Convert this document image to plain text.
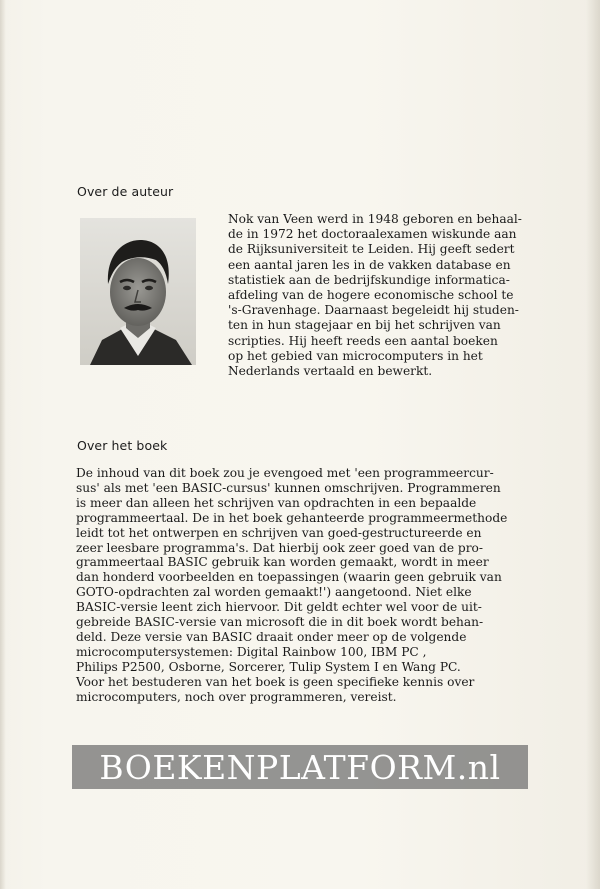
Over de auteur
Nok van Veen werd in 1948 geboren en behaal-
de in 1972 het doctoraalexamen wiskunde aan
de Rijksuniversiteit te Leiden. Hij geeft sedert
een aantal jaren les in de vakken database en
statistiek aan de bedrijfskundige informatica-
afdeling van de hogere economische school te
's-Gravenhage. Daarnaast begeleidt hij studen-
ten in hun stagejaar en bij het schrijven van
scripties. Hij heeft reeds een aantal boeken
op het gebied van microcomputers in het
Nederlands vertaald en bewerkt.
Over het boek
De inhoud van dit boek zou je evengoed met 'een programmeercur-
sus' als met 'een BASIC-cursus' kunnen omschrijven. Programmeren
is meer dan alleen het schrijven van opdrachten in een bepaalde
programmeertaal. De in het boek gehanteerde programmeermethode
leidt tot het ontwerpen en schrijven van goed-gestructureerde en
zeer leesbare programma's. Dat hierbij ook zeer goed van de pro-
grammeertaal BASIC gebruik kan worden gemaakt, wordt in meer
dan honderd voorbeelden en toepassingen (waarin geen gebruik van
GOTO-opdrachten zal worden gemaakt!') aangetoond. Niet elke
BASIC-versie leent zich hiervoor. Dit geldt echter wel voor de uit-
gebreide BASIC-versie van microsoft die in dit boek wordt behan-
deld. Deze versie van BASIC draait onder meer op de volgende
microcomputersystemen: Digital Rainbow 100, IBM PC ,
Philips P2500, Osborne, Sorcerer, Tulip System I en Wang PC.
Voor het bestuderen van het boek is geen specifieke kennis over
microcomputers, noch over programmeren, vereist.
BOEKENPLATFORM.nl
